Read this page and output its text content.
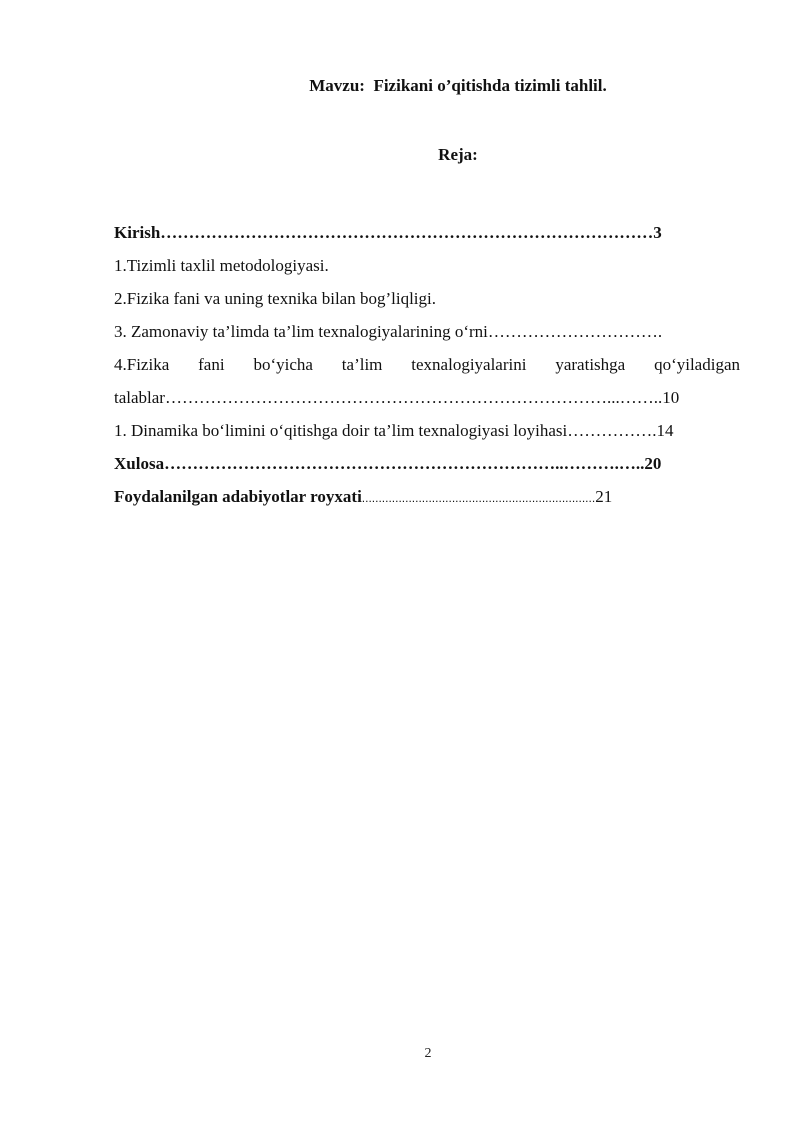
Mavzu:  Fizikani o’qitishda tizimli tahlil.
Reja:
Kirish……………………………………………………………………………3
1.Tizimli taxlil metodologiyasi.
2.Fizika fani va uning texnika bilan bog’liqligi.
3. Zamonaviy ta’limda ta’lim texnalogiyalarining o‘rni………………………….
4.Fizika fani bo‘yicha ta’lim texnalogiyalarini yaratishga qo‘yiladigan
talablar……………………………………………………………………...……..10
1. Dinamika bo‘limini o‘qitishga doir ta’lim texnalogiyasi loyihasi…………….14
Xulosa……………………………………………………………..……….…..20
Foydalanilgan adabiyotlar royxati......................................................................21
2
